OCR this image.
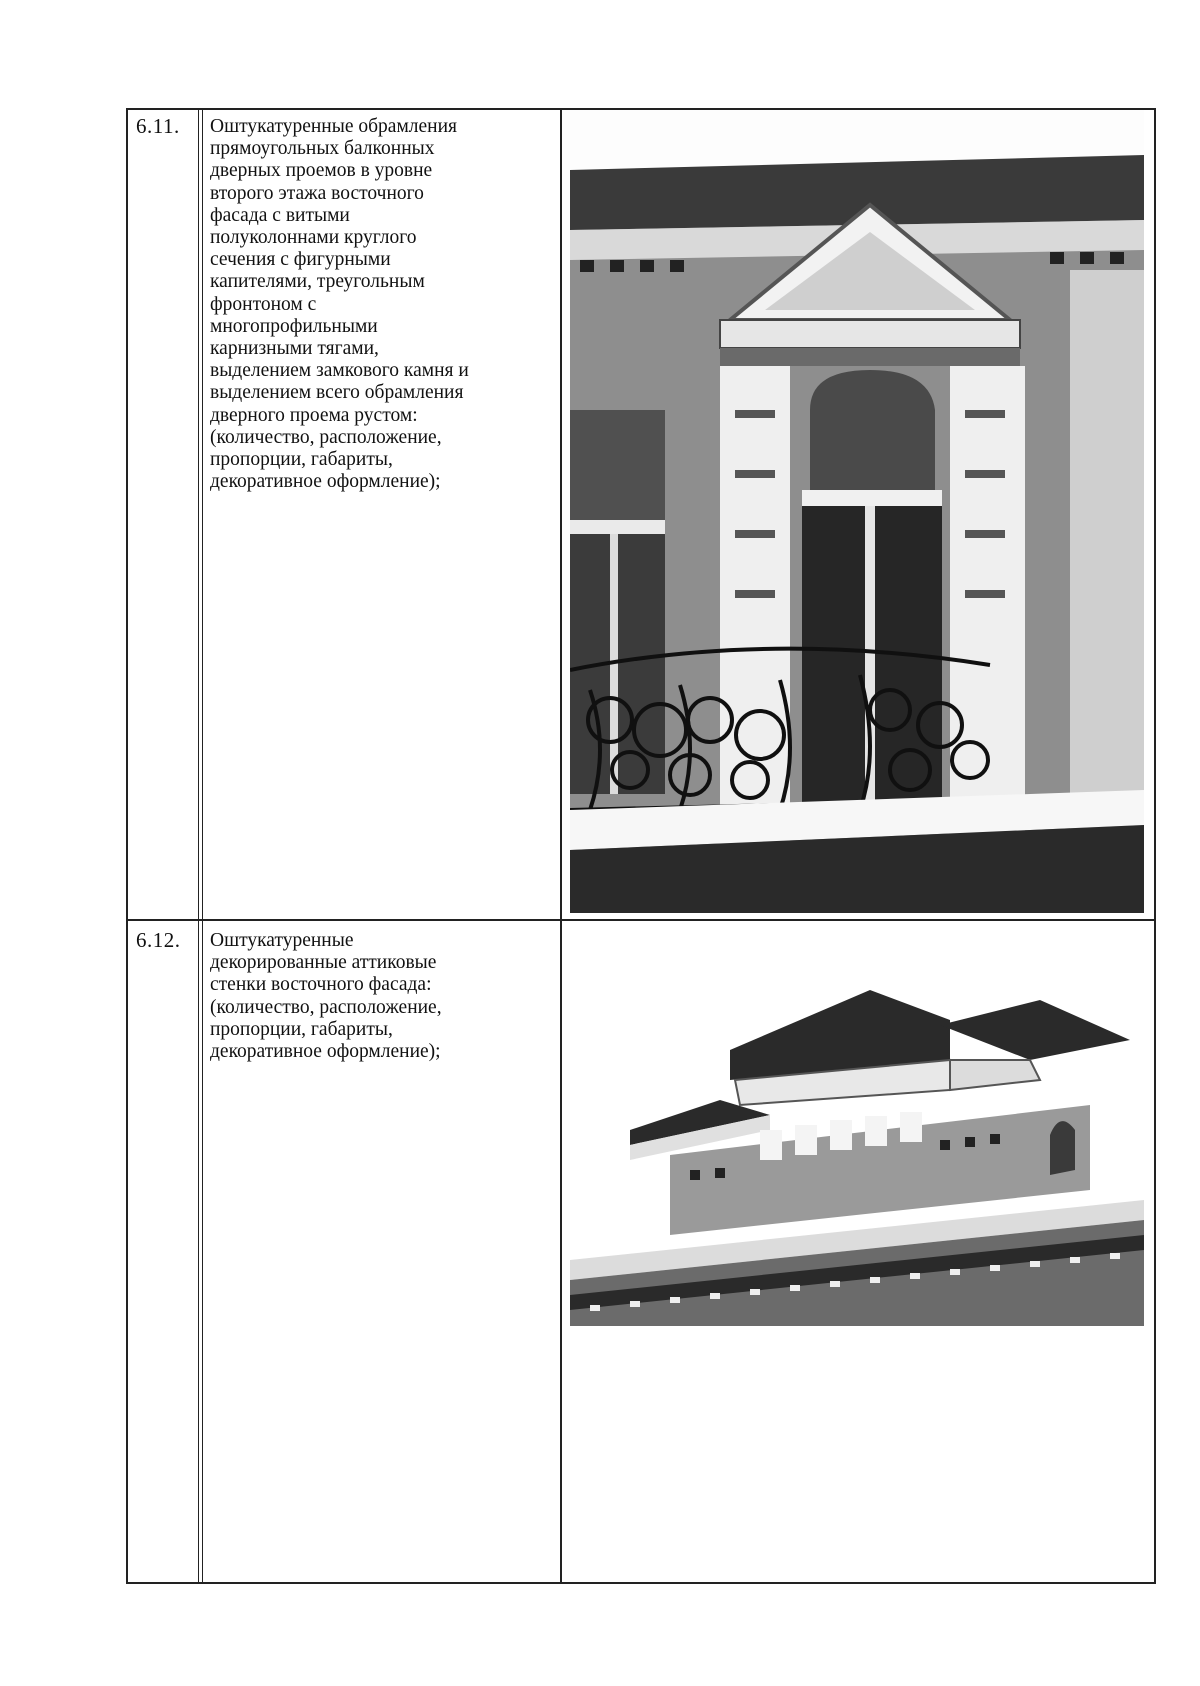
6.11. Оштукатуренные обрамления
прямоугольных балконных
дверных проемов в уровне
второго этажа восточного
фасада с витыми
полуколоннами круглого
сечения с фигурными
капителями, треугольным
фронтоном с
многопрофильными
карнизными тягами,
выделением замкового камня и
выделением всего обрамления
дверного проема рустом:
(количество, расположение,
пропорции, габариты,
декоративное оформление);
6.12. Оштукатуренные
декорированные аттиковые
стенки восточного фасада:
(количество, расположение,
пропорции, габариты,
декоративное оформление);
